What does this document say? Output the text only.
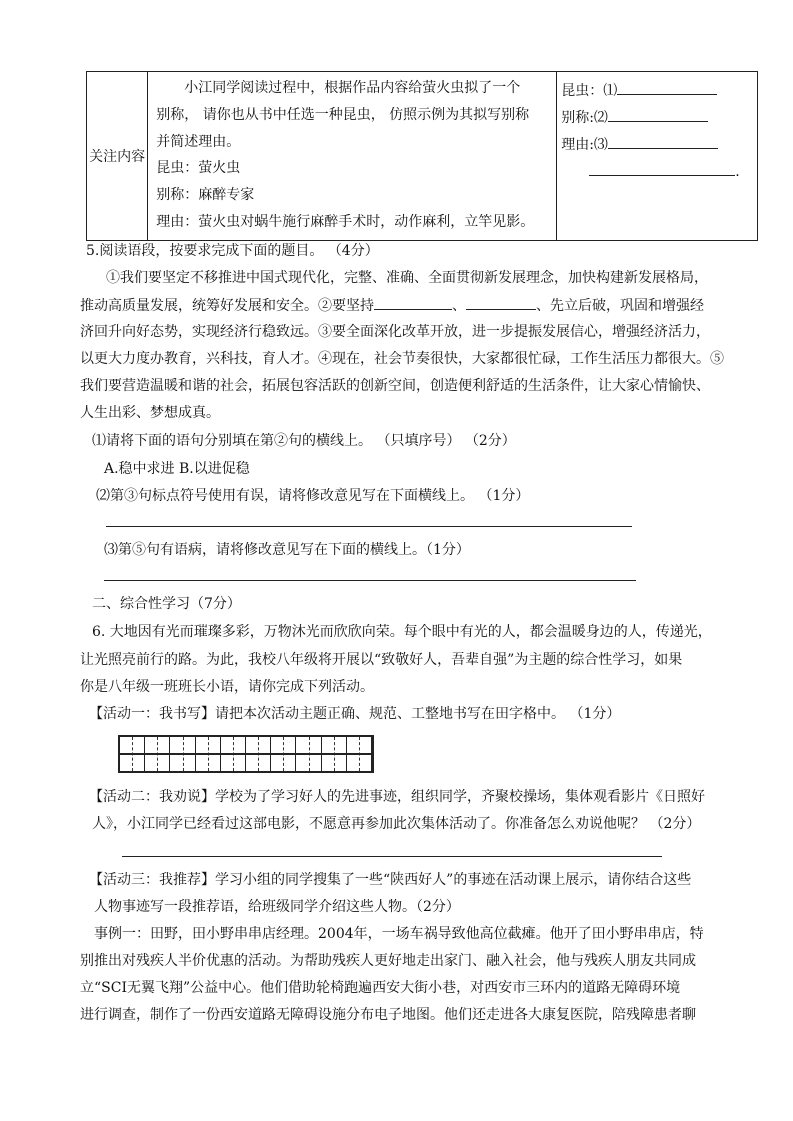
关注内容	
小江同学阅读过程中，根据作品内容给萤火虫拟了一个
别称， 请你也从书中任选一种昆虫， 仿照示例为其拟写别称
并简述理由。
昆虫：萤火虫
别称：麻醉专家
理由：萤火虫对蜗牛施行麻醉手术时，动作麻利，立竿见影。

昆虫：⑴
别称:⑵
理由:⑶
.
5.阅读语段，按要求完成下面的题目。 （4分）
①我们要坚定不移推进中国式现代化，完整、准确、全面贯彻新发展理念，加快构建新发展格局，
推动高质量发展，统筹好发展和安全。②要坚持	、	、先立后破，巩固和增强经
济回升向好态势，实现经济行稳致远。③要全面深化改革开放，进一步提振发展信心，增强经济活力，
以更大力度办教育，兴科技，育人才。④现在，社会节奏很快，大家都很忙碌，工作生活压力都很大。⑤
我们要营造温暖和谐的社会，拓展包容活跃的创新空间，创造便利舒适的生活条件，让大家心情愉快、
人生出彩、梦想成真。
⑴请将下面的语句分别填在第②句的横线上。 （只填序号） （2分）
A.稳中求进 B.以进促稳
⑵第③句标点符号使用有误，请将修改意见写在下面横线上。 （1分）
⑶第⑤句有语病，请将修改意见写在下面的横线上。（1分）
二、综合性学习（7分）
6. 大地因有光而璀璨多彩，万物沐光而欣欣向荣。每个眼中有光的人，都会温暖身边的人，传递光，
让光照亮前行的路。为此，我校八年级将开展以“致敬好人，吾辈自强”为主题的综合性学习，如果
你是八年级一班班长小语，请你完成下列活动。
【活动一：我书写】请把本次活动主题正确、规范、工整地书写在田字格中。 （1分）
【活动二：我劝说】学校为了学习好人的先进事迹，组织同学，齐聚校操场，集体观看影片《日照好
人》，小江同学已经看过这部电影，不愿意再参加此次集体活动了。你准备怎么劝说他呢？ （2分）
【活动三：我推荐】学习小组的同学搜集了一些“陕西好人”的事迹在活动课上展示，请你结合这些
人物事迹写一段推荐语，给班级同学介绍这些人物。（2分）
事例一：田野，田小野串串店经理。2004年，一场车祸导致他高位截瘫。他开了田小野串串店，特
别推出对残疾人半价优惠的活动。为帮助残疾人更好地走出家门、融入社会，他与残疾人朋友共同成
立“SCI无翼飞翔”公益中心。他们借助轮椅跑遍西安大街小巷，对西安市三环内的道路无障碍环境
进行调查，制作了一份西安道路无障碍设施分布电子地图。他们还走进各大康复医院，陪残障患者聊
